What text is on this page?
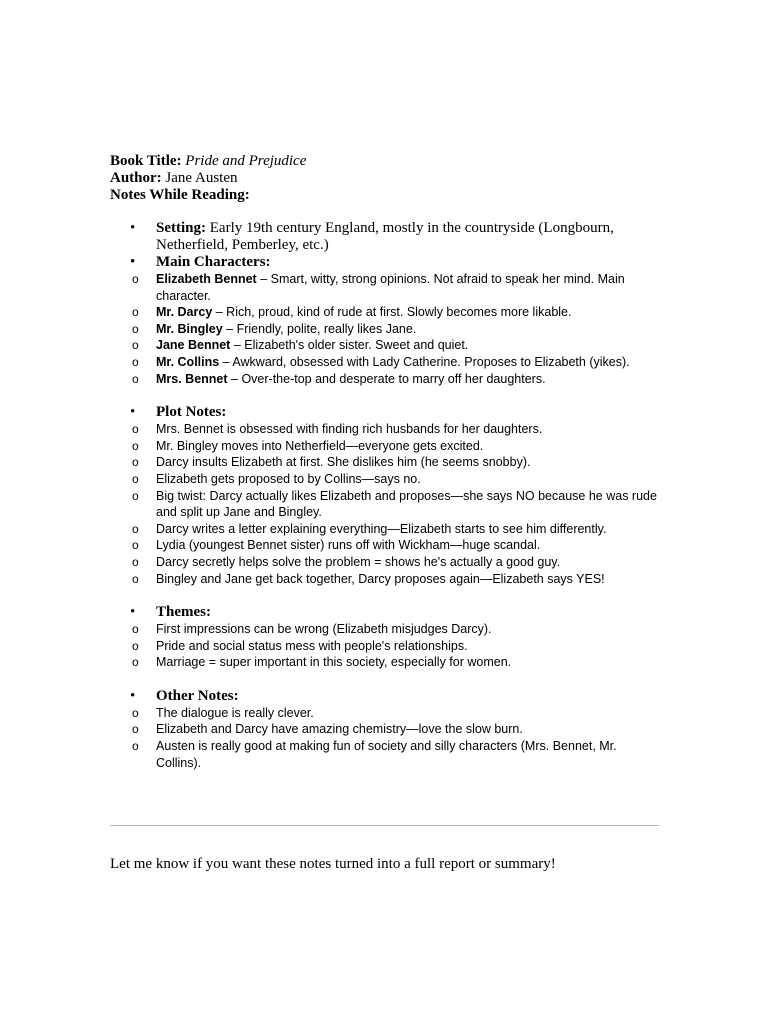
Book Title: Pride and Prejudice
Author: Jane Austen
Notes While Reading:
• Setting: Early 19th century England, mostly in the countryside (Longbourn, Netherfield, Pemberley, etc.)
• Main Characters:
o Elizabeth Bennet – Smart, witty, strong opinions. Not afraid to speak her mind. Main character.
o Mr. Darcy – Rich, proud, kind of rude at first. Slowly becomes more likable.
o Mr. Bingley – Friendly, polite, really likes Jane.
o Jane Bennet – Elizabeth's older sister. Sweet and quiet.
o Mr. Collins – Awkward, obsessed with Lady Catherine. Proposes to Elizabeth (yikes).
o Mrs. Bennet – Over-the-top and desperate to marry off her daughters.
• Plot Notes:
o Mrs. Bennet is obsessed with finding rich husbands for her daughters.
o Mr. Bingley moves into Netherfield—everyone gets excited.
o Darcy insults Elizabeth at first. She dislikes him (he seems snobby).
o Elizabeth gets proposed to by Collins—says no.
o Big twist: Darcy actually likes Elizabeth and proposes—she says NO because he was rude and split up Jane and Bingley.
o Darcy writes a letter explaining everything—Elizabeth starts to see him differently.
o Lydia (youngest Bennet sister) runs off with Wickham—huge scandal.
o Darcy secretly helps solve the problem = shows he's actually a good guy.
o Bingley and Jane get back together, Darcy proposes again—Elizabeth says YES!
• Themes:
o First impressions can be wrong (Elizabeth misjudges Darcy).
o Pride and social status mess with people's relationships.
o Marriage = super important in this society, especially for women.
• Other Notes:
o The dialogue is really clever.
o Elizabeth and Darcy have amazing chemistry—love the slow burn.
o Austen is really good at making fun of society and silly characters (Mrs. Bennet, Mr. Collins).
Let me know if you want these notes turned into a full report or summary!
